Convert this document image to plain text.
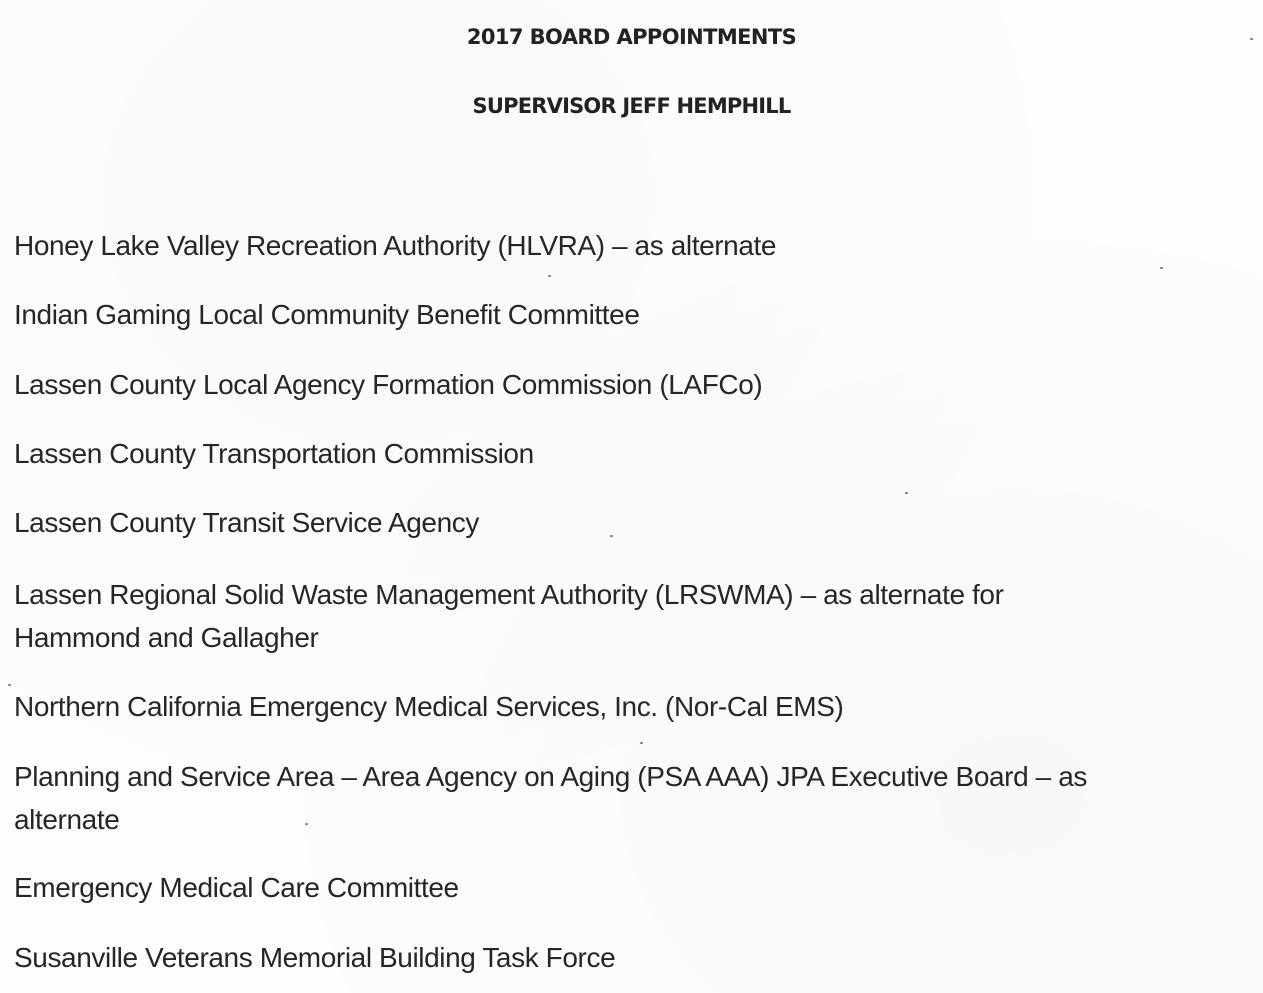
2017 BOARD APPOINTMENTS
SUPERVISOR JEFF HEMPHILL
Honey Lake Valley Recreation Authority (HLVRA) – as alternate
Indian Gaming Local Community Benefit Committee
Lassen County Local Agency Formation Commission (LAFCo)
Lassen County Transportation Commission
Lassen County Transit Service Agency
Lassen Regional Solid Waste Management Authority (LRSWMA) – as alternate for
Hammond and Gallagher
Northern California Emergency Medical Services, Inc. (Nor-Cal EMS)
Planning and Service Area – Area Agency on Aging (PSA AAA) JPA Executive Board – as
alternate
Emergency Medical Care Committee
Susanville Veterans Memorial Building Task Force
